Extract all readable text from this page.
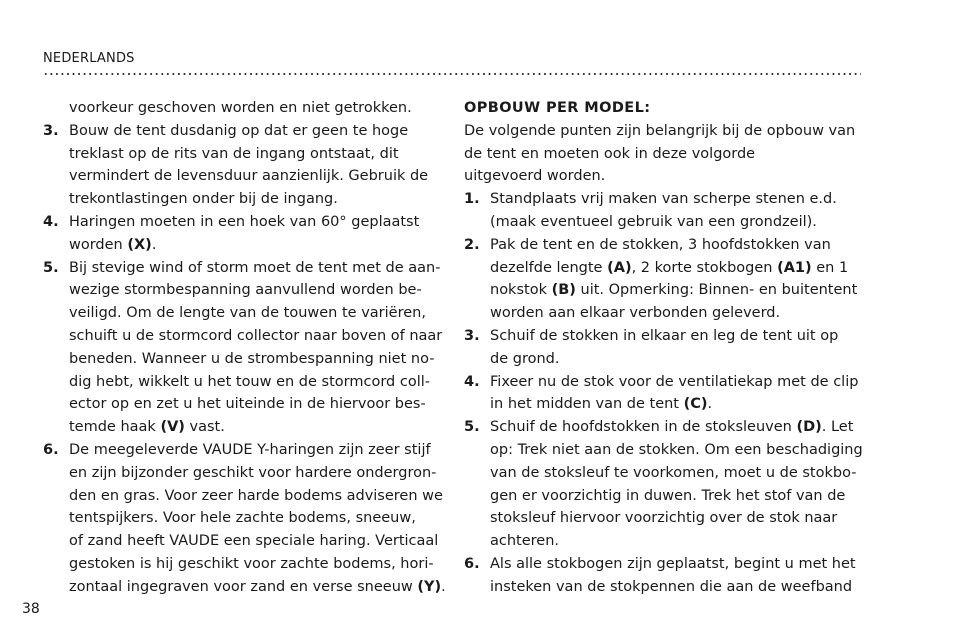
NEDERLANDS
voorkeur geschoven worden en niet getrokken.
3. Bouw de tent dusdanig op dat er geen te hoge
treklast op de rits van de ingang ontstaat, dit
vermindert de levensduur aanzienlijk. Gebruik de
trekontlastingen onder bij de ingang.
4. Haringen moeten in een hoek van 60° geplaatst
worden (X).
5. Bij stevige wind of storm moet de tent met de aan-
wezige stormbespanning aanvullend worden be-
veiligd. Om de lengte van de touwen te variëren,
schuift u de stormcord collector naar boven of naar
beneden. Wanneer u de strombespanning niet no-
dig hebt, wikkelt u het touw en de stormcord coll-
ector op en zet u het uiteinde in de hiervoor bes-
temde haak (V) vast.
6. De meegeleverde VAUDE Y-haringen zijn zeer stijf
en zijn bijzonder geschikt voor hardere ondergron-
den en gras. Voor zeer harde bodems adviseren we
tentspijkers. Voor hele zachte bodems, sneeuw,
of zand heeft VAUDE een speciale haring. Verticaal
gestoken is hij geschikt voor zachte bodems, hori-
zontaal ingegraven voor zand en verse sneeuw (Y).
OPBOUW PER MODEL:
De volgende punten zijn belangrijk bij de opbouw van
de tent en moeten ook in deze volgorde
uitgevoerd worden.
1. Standplaats vrij maken van scherpe stenen e.d.
(maak eventueel gebruik van een grondzeil).
2. Pak de tent en de stokken, 3 hoofdstokken van
dezelfde lengte (A), 2 korte stokbogen (A1) en 1
nokstok (B) uit. Opmerking: Binnen- en buitentent
worden aan elkaar verbonden geleverd.
3. Schuif de stokken in elkaar en leg de tent uit op
de grond.
4. Fixeer nu de stok voor de ventilatiekap met de clip
in het midden van de tent (C).
5. Schuif de hoofdstokken in de stoksleuven (D). Let
op: Trek niet aan de stokken. Om een beschadiging
van de stoksleuf te voorkomen, moet u de stokbo-
gen er voorzichtig in duwen. Trek het stof van de
stoksleuf hiervoor voorzichtig over de stok naar
achteren.
6. Als alle stokbogen zijn geplaatst, begint u met het
insteken van de stokpennen die aan de weefband
38
